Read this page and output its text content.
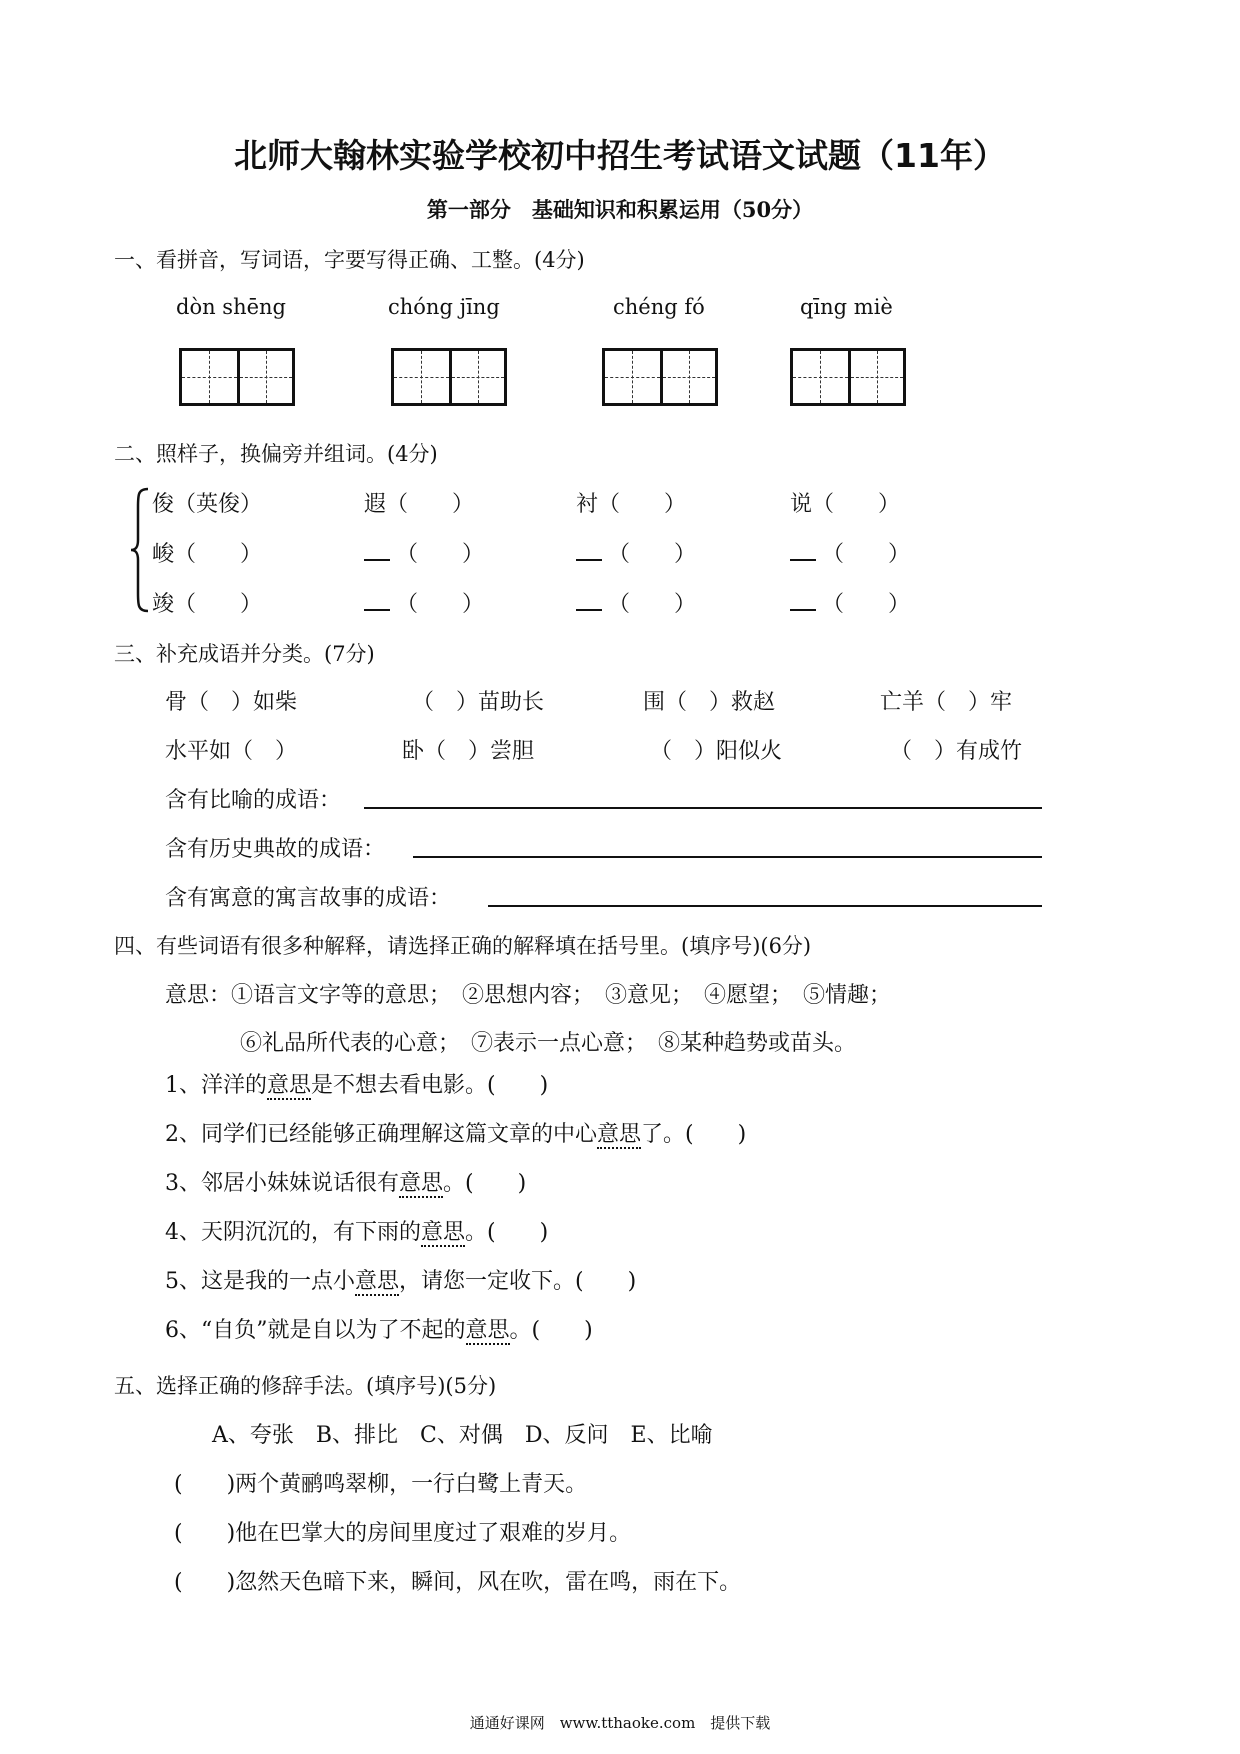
北师大翰林实验学校初中招生考试语文试题（11年）
第一部分　基础知识和积累运用（50分）
一、看拼音，写词语，字要写得正确、工整。(4分)
dòn shēng	chóng jīng	chéng fó	qīng miè
二、照样子，换偏旁并组词。(4分)
俊（英俊）	遐（　　）	衬（　　）	说（　　）
峻（　　）	（　　）	（　　）	（　　）
竣（　　）	（　　）	（　　）	（　　）
三、补充成语并分类。(7分)
骨（　）如柴	（　）苗助长	围（　）救赵	亡羊（　）牢
水平如（　）	卧（　）尝胆	（　）阳似火	（　）有成竹
含有比喻的成语：
含有历史典故的成语：
含有寓意的寓言故事的成语：
四、有些词语有很多种解释，请选择正确的解释填在括号里。(填序号)(6分)
意思：①语言文字等的意思；　②思想内容；　③意见；　④愿望；　⑤情趣；
⑥礼品所代表的心意；　⑦表示一点心意；　⑧某种趋势或苗头。
1、洋洋的意思是不想去看电影。(　　)
2、同学们已经能够正确理解这篇文章的中心意思了。(　　)
3、邻居小妹妹说话很有意思。(　　)
4、天阴沉沉的，有下雨的意思。(　　)
5、这是我的一点小意思，请您一定收下。(　　)
6、“自负”就是自以为了不起的意思。(　　)
五、选择正确的修辞手法。(填序号)(5分)
A、夸张　B、排比　C、对偶　D、反问　E、比喻
(　　)两个黄鹂鸣翠柳，一行白鹭上青天。
(　　)他在巴掌大的房间里度过了艰难的岁月。
(　　)忽然天色暗下来，瞬间，风在吹，雷在鸣，雨在下。
通通好课网　www.tthaoke.com　提供下载
